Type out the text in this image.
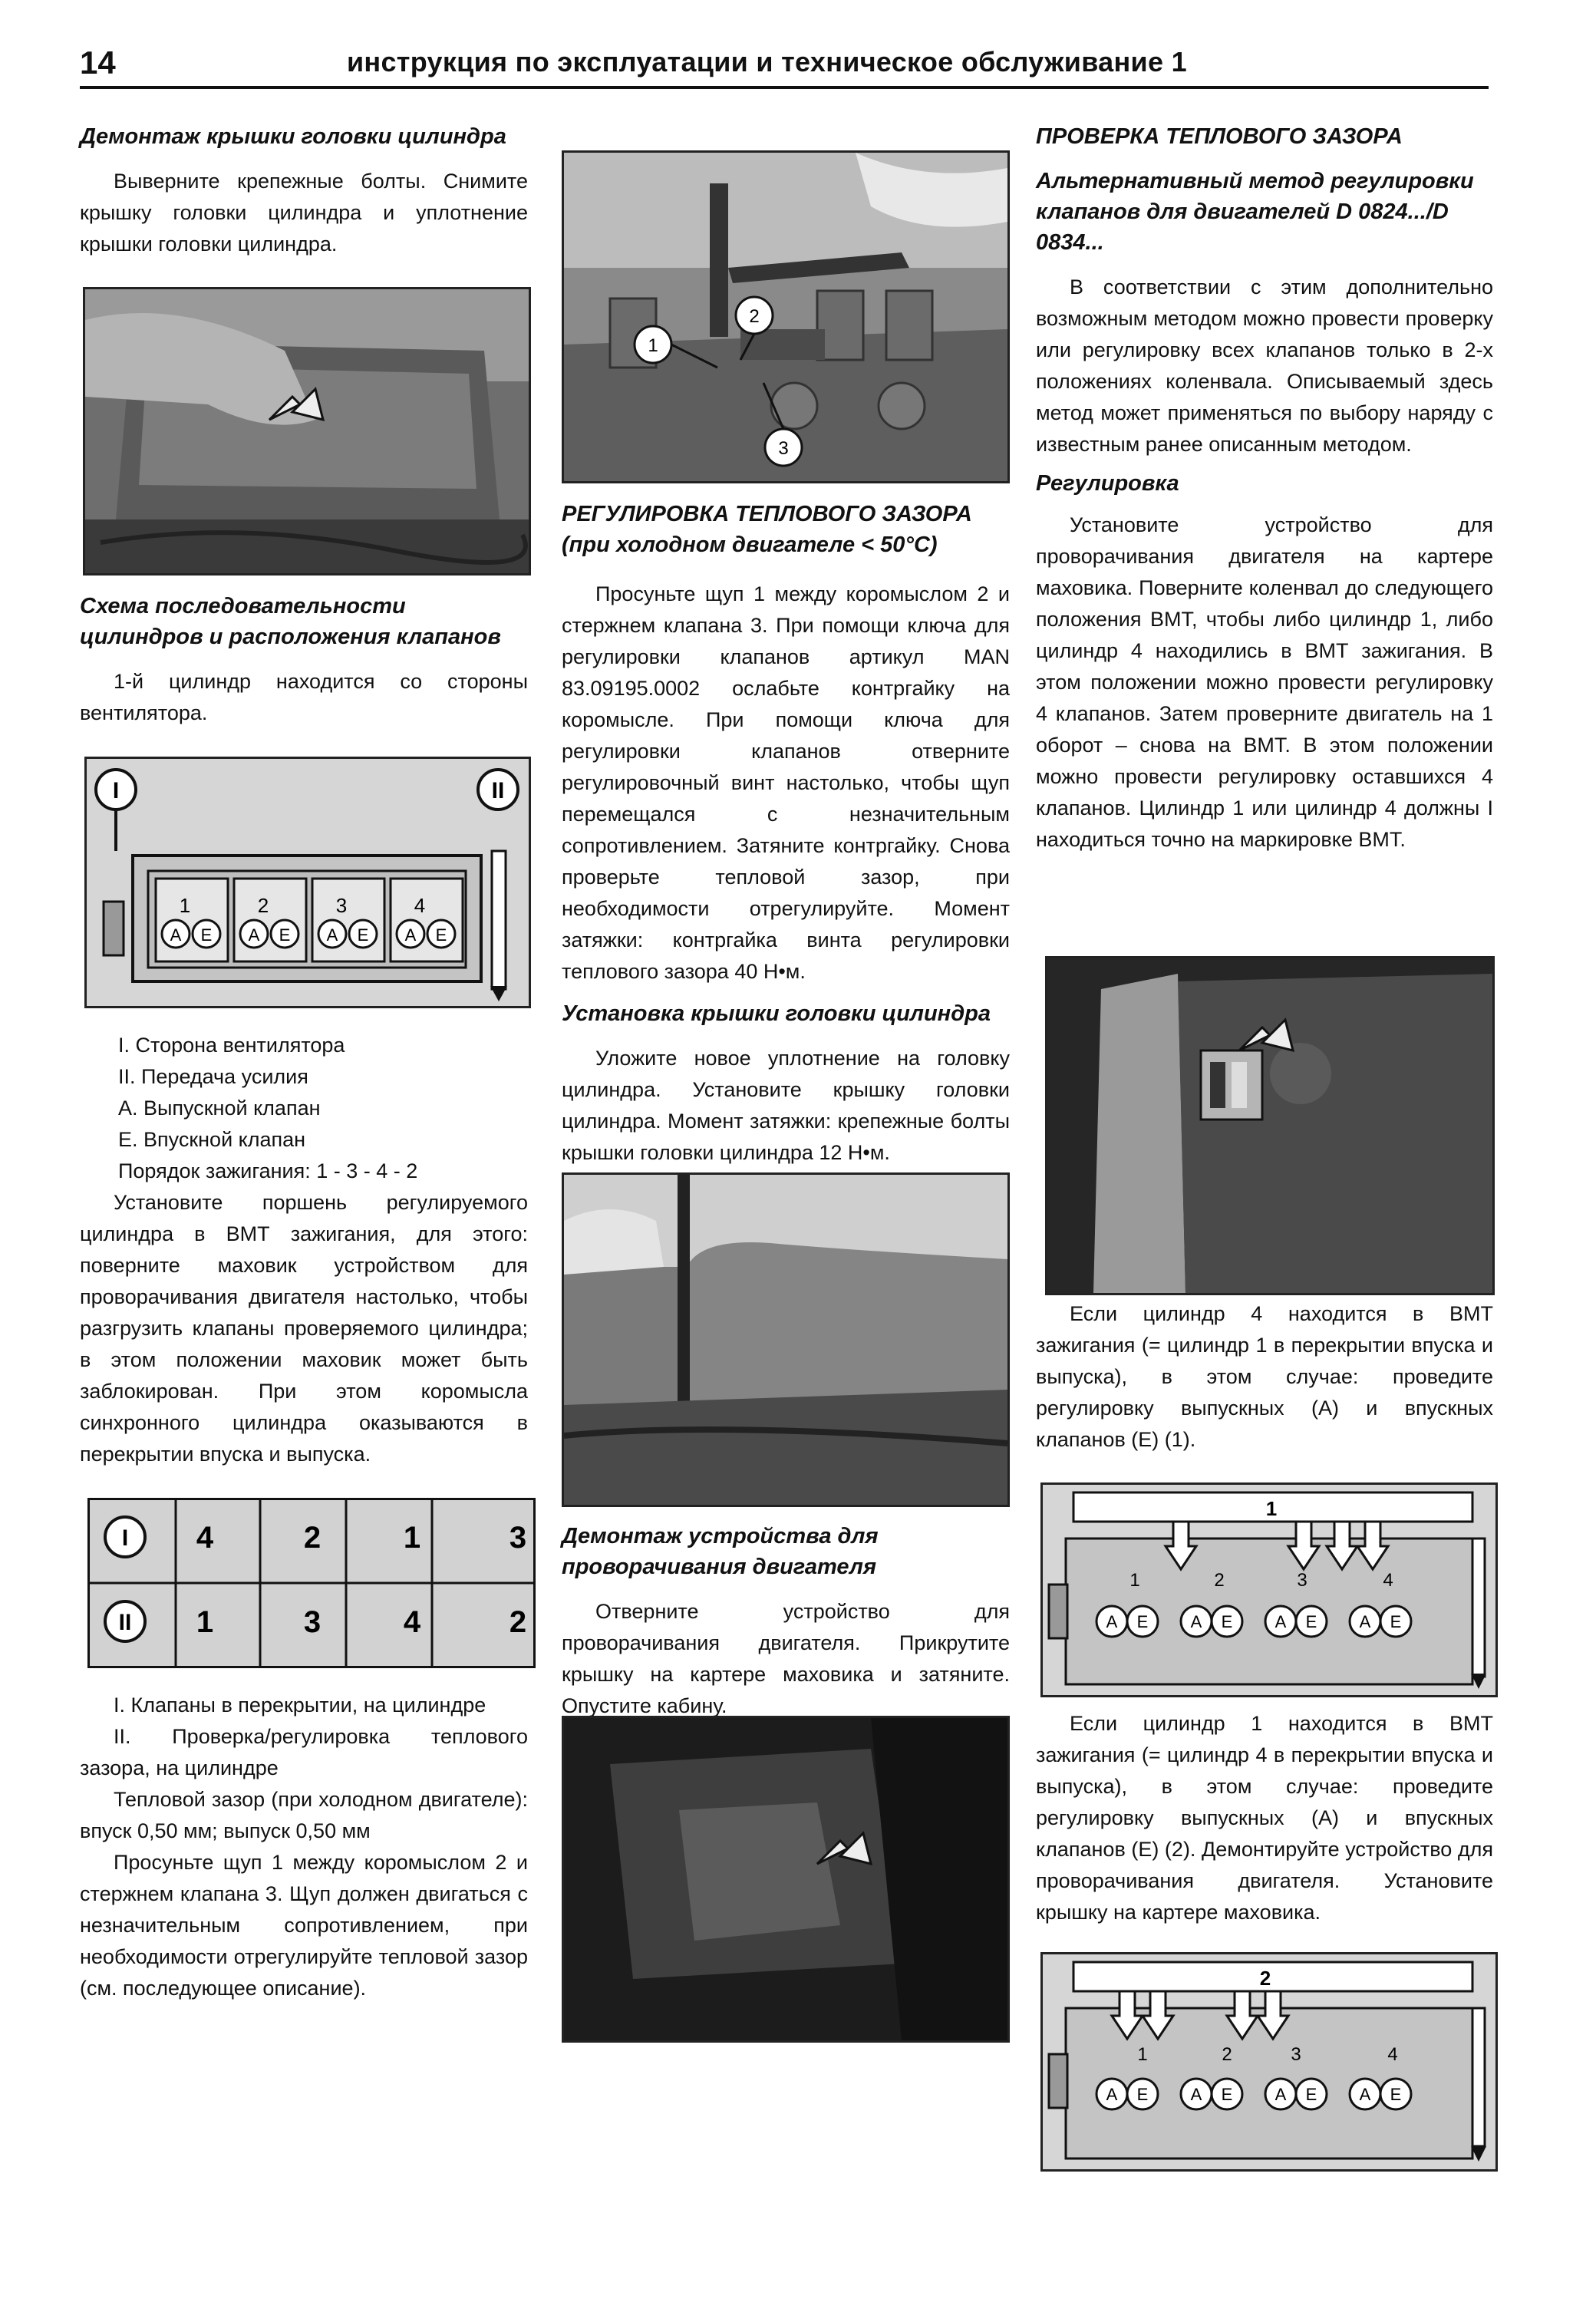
14	инструкция по эксплуатации и техническое обслуживание 1

Демонтаж крышки головки цилиндра

Выверните крепежные болты. Снимите крышку головки цилиндра и уплотнение крышки головки цилиндра.

Схема последовательности цилиндров и расположения клапанов

1-й цилиндр находится со стороны вентилятора.

I	II
1
A E
2
A E
3
A E
4
A E

I. Сторона вентилятора

II. Передача усилия

A. Выпускной клапан

E. Впускной клапан

Порядок зажигания: 1 - 3 - 4 - 2

Установите поршень регулируемого цилиндра в ВМТ зажигания, для этого: поверните маховик устройством для проворачивания двигателя настолько, чтобы разгрузить клапаны проверяемого цилиндра; в этом положении маховик может быть заблокирован. При этом коромысла синхронного цилиндра оказываются в перекрытии впуска и выпуска.

I
II
4	2	1	3
1	3	4	2

I. Клапаны в перекрытии, на цилиндре

II. Проверка/регулировка теплового зазора, на цилиндре

Тепловой зазор (при холодном двигателе): впуск 0,50 мм; выпуск 0,50 мм

Просуньте щуп 1 между коромыслом 2 и стержнем клапана 3. Щуп должен двигаться с незначительным сопротивлением, при необходимости отрегулируйте тепловой зазор (см. последующее описание).

1
2
3

РЕГУЛИРОВКА ТЕПЛОВОГО ЗАЗОРА (при холодном двигателе < 50°C)

Просуньте щуп 1 между коромыслом 2 и стержнем клапана 3. При помощи ключа для регулировки клапанов артикул MAN 83.09195.0002 ослабьте контргайку на коромысле. При помощи ключа для регулировки клапанов отверните регулировочный винт настолько, чтобы щуп перемещался с незначительным сопротивлением. Затяните контргайку. Снова проверьте тепловой зазор, при необходимости отрегулируйте. Момент затяжки: контргайка винта регулировки теплового зазора 40 Н•м.

Установка крышки головки цилиндра

Уложите новое уплотнение на головку цилиндра. Установите крышку головки цилиндра. Момент затяжки: крепежные болты крышки головки цилиндра 12 Н•м.

Демонтаж устройства для проворачивания двигателя

Отверните устройство для проворачивания двигателя. Прикрутите крышку на картере маховика и затяните. Опустите кабину.

ПРОВЕРКА ТЕПЛОВОГО ЗАЗОРА

Альтернативный метод регулировки клапанов для двигателей D 0824.../D 0834...

В соответствии с этим дополнительно возможным методом можно провести проверку или регулировку всех клапанов только в 2-х положениях коленвала. Описываемый здесь метод может применяться по выбору наряду с известным ранее описанным методом.

Регулировка

Установите устройство для проворачивания двигателя на картере маховика. Поверните коленвал до следующего положения ВМТ, чтобы либо цилиндр 1, либо цилиндр 4 находились в ВМТ зажигания. В этом положении можно провести регулировку 4 клапанов. Затем проверните двигатель на 1 оборот – снова на ВМТ. В этом положении можно провести регулировку оставшихся 4 клапанов. Цилиндр 1 или цилиндр 4 должны I находиться точно на маркировке ВМТ.

Если цилиндр 4 находится в ВМТ зажигания (= цилиндр 1 в перекрытии впуска и выпуска), в этом случае: проведите регулировку выпускных (A) и впускных клапанов (E) (1).

1
1	2	3	4
A E	A E	A E	A E

Если цилиндр 1 находится в ВМТ зажигания (= цилиндр 4 в перекрытии впуска и выпуска), в этом случае: проведите регулировку выпускных (A) и впускных клапанов (E) (2). Демонтируйте устройство для проворачивания двигателя. Установите крышку на картере маховика.

2
1	2	3	4
A E	A E	A E	A E
